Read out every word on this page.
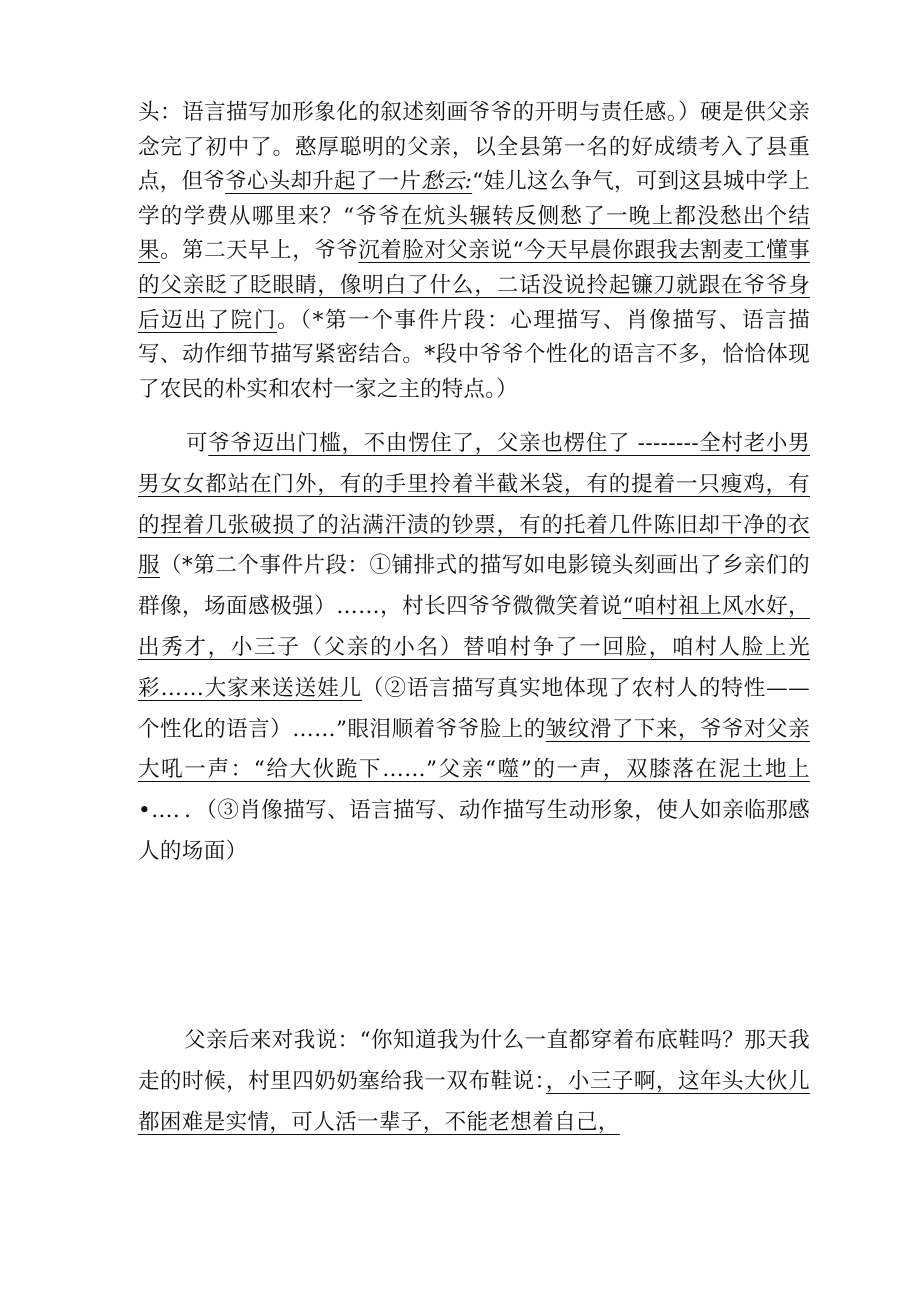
头：语言描写加形象化的叙述刻画爷爷的开明与责任感。）硬是供父亲念完了初中了。憨厚聪明的父亲，以全县第一名的好成绩考入了县重点，但爷爷心头却升起了一片愁云:“娃儿这么争气，可到这县城中学上学的学费从哪里来？“爷爷在炕头辗转反侧愁了一晚上都没愁出个结果。第二天早上，爷爷沉着脸对父亲说“今天早晨你跟我去割麦工懂事的父亲眨了眨眼睛，像明白了什么，二话没说拎起镰刀就跟在爷爷身后迈出了院门。（*第一个事件片段：心理描写、肖像描写、语言描写、动作细节描写紧密结合。*段中爷爷个性化的语言不多，恰恰体现了农民的朴实和农村一家之主的特点。）

可爷爷迈出门槛，不由愣住了，父亲也楞住了 --------全村老小男男女女都站在门外，有的手里拎着半截米袋，有的提着一只瘦鸡，有的捏着几张破损了的沾满汗渍的钞票，有的托着几件陈旧却干净的衣服（*第二个事件片段：①铺排式的描写如电影镜头刻画出了乡亲们的群像，场面感极强）……，村长四爷爷微微笑着说“咱村祖上风水好，出秀才，小三子（父亲的小名）替咱村争了一回脸，咱村人脸上光彩……大家来送送娃儿（②语言描写真实地体现了农村人的特性——个性化的语言）……”眼泪顺着爷爷脸上的皱纹滑了下来，爷爷对父亲大吼一声：“给大伙跪下……”父亲“噬”的一声，双膝落在泥土地上•…．．（③肖像描写、语言描写、动作描写生动形象，使人如亲临那感人的场面）

父亲后来对我说：“你知道我为什么一直都穿着布底鞋吗？那天我走的时候，村里四奶奶塞给我一双布鞋说：，小三子啊，这年头大伙儿都困难是实情，可人活一辈子，不能老想着自己，
